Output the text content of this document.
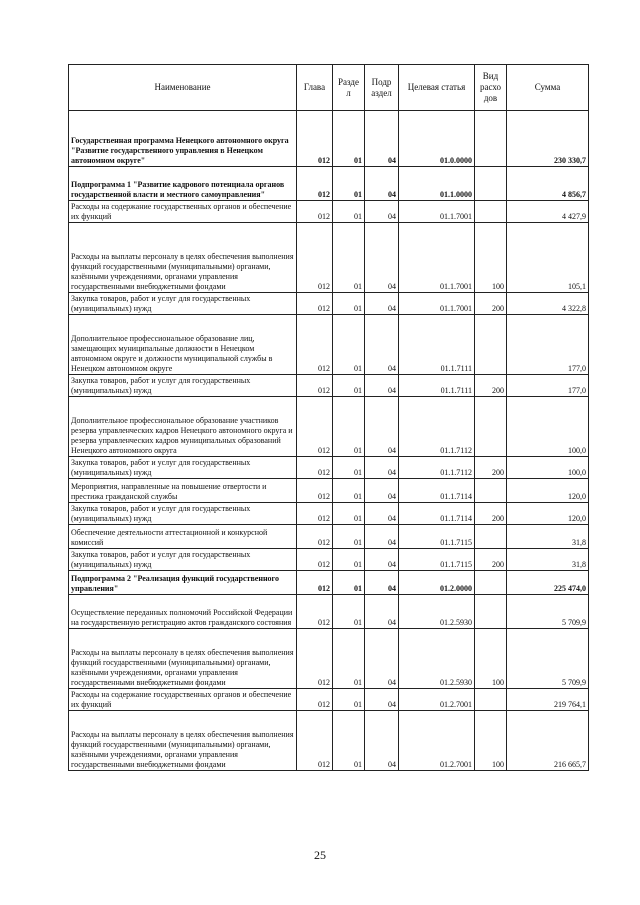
Наименование	Глава	Разде л	Подр аздел	Целевая статья	Вид расхо дов	Сумма
Государственная программа Ненецкого автономного округа "Развитие государственного управления в Ненецком автономном округе"	012	01	04	01.0.0000		230 330,7
Подпрограмма 1 "Развитие кадрового потенциала органов государственной власти и местного самоуправления"	012	01	04	01.1.0000		4 856,7
Расходы на содержание государственных органов и обеспечение их функций	012	01	04	01.1.7001		4 427,9
Расходы на выплаты персоналу в целях обеспечения выполнения функций государственными (муниципальными) органами, казёнными учреждениями, органами управления государственными внебюджетными фондами	012	01	04	01.1.7001	100	105,1
Закупка товаров, работ и услуг для государственных (муниципальных) нужд	012	01	04	01.1.7001	200	4 322,8
Дополнительное профессиональное образование лиц, замещающих муниципальные должности в Ненецком автономном округе и должности муниципальной службы в Ненецком автономном округе	012	01	04	01.1.7111		177,0
Закупка товаров, работ и услуг для государственных (муниципальных) нужд	012	01	04	01.1.7111	200	177,0
Дополнительное профессиональное образование участников резерва управленческих кадров Ненецкого автономного округа и резерва управленческих кадров муниципальных образований Ненецкого автономного округа	012	01	04	01.1.7112		100,0
Закупка товаров, работ и услуг для государственных (муниципальных) нужд	012	01	04	01.1.7112	200	100,0
Мероприятия, направленные на повышение отвертости и престижа гражданской службы	012	01	04	01.1.7114		120,0
Закупка товаров, работ и услуг для государственных (муниципальных) нужд	012	01	04	01.1.7114	200	120,0
Обеспечение деятельности аттестационной и конкурсной комиссий	012	01	04	01.1.7115		31,8
Закупка товаров, работ и услуг для государственных (муниципальных) нужд	012	01	04	01.1.7115	200	31,8
Подпрограмма 2 "Реализация функций государственного управления"	012	01	04	01.2.0000		225 474,0
Осуществление переданных полномочий Российской Федерации на государственную регистрацию актов гражданского состояния	012	01	04	01.2.5930		5 709,9
Расходы на выплаты персоналу в целях обеспечения выполнения функций государственными (муниципальными) органами, казёнными учреждениями, органами управления государственными внебюджетными фондами	012	01	04	01.2.5930	100	5 709,9
Расходы на содержание государственных органов и обеспечение их функций	012	01	04	01.2.7001		219 764,1
Расходы на выплаты персоналу в целях обеспечения выполнения функций государственными (муниципальными) органами, казёнными учреждениями, органами управления государственными внебюджетными фондами	012	01	04	01.2.7001	100	216 665,7
25
